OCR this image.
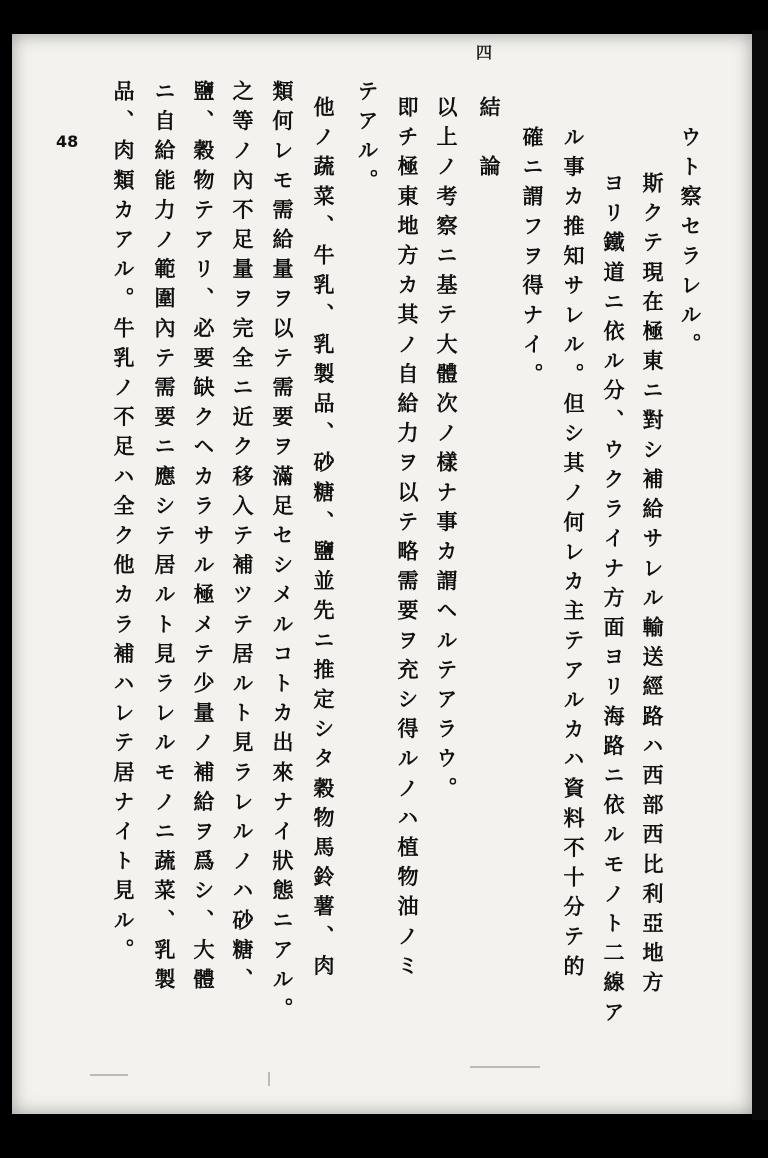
四
48	ウト察セラレル。
斯クテ現在極東ニ對シ補給サレル輸送經路ハ西部西比利亞地方
ヨリ鐵道ニ依ル分、ウクライナ方面ヨリ海路ニ依ルモノト二線ア
ル事カ推知サレル。但シ其ノ何レカ主テアルカハ資料不十分テ的
確ニ謂フヲ得ナイ。
結　論
以上ノ考察ニ基テ大體次ノ樣ナ事カ謂ヘルテアラウ。
即チ極東地方カ其ノ自給力ヲ以テ略需要ヲ充シ得ルノハ植物油ノミ
テアル。
他ノ蔬菜、牛乳、乳製品、砂糖、鹽並先ニ推定シタ穀物馬鈴薯、肉
類何レモ需給量ヲ以テ需要ヲ滿足セシメルコトカ出來ナイ狀態ニアル。
之等ノ內不足量ヲ完全ニ近ク移入テ補ツテ居ルト見ラレルノハ砂糖、
鹽、穀物テアリ、必要缺クヘカラサル極メテ少量ノ補給ヲ爲シ、大體
ニ自給能力ノ範圍內テ需要ニ應シテ居ルト見ラレルモノニ蔬菜、乳製
品、肉類カアル。牛乳ノ不足ハ全ク他カラ補ハレテ居ナイト見ル。
